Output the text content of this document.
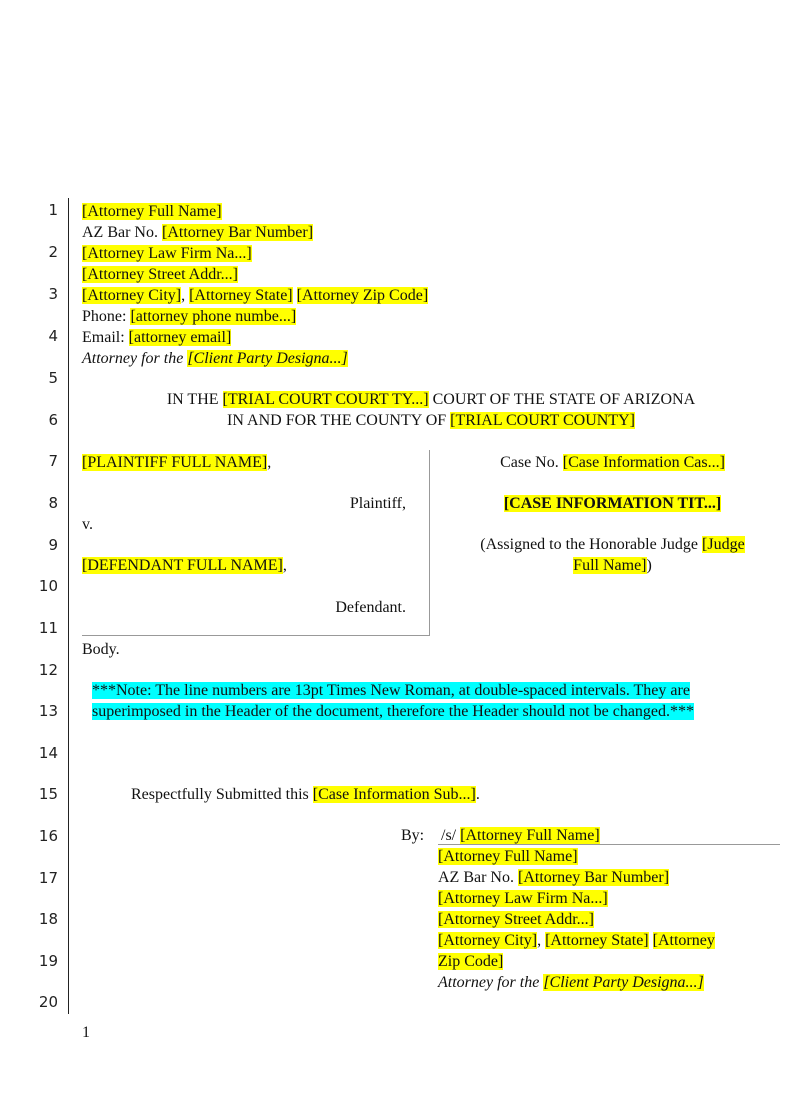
1
2
3
4
5
6
7
8
9
10
11
12
13
14
15
16
17
18
19
20
[Attorney Full Name]
AZ Bar No. [Attorney Bar Number]
[Attorney Law Firm Na...]
[Attorney Street Addr...]
[Attorney City], [Attorney State] [Attorney Zip Code]
Phone: [attorney phone numbe...]
Email: [attorney email]
Attorney for the [Client Party Designa...]
IN THE [TRIAL COURT COURT TY...] COURT OF THE STATE OF ARIZONA
IN AND FOR THE COUNTY OF [TRIAL COURT COUNTY]
[PLAINTIFF FULL NAME],
Plaintiff,
v.
[DEFENDANT FULL NAME],
Defendant.
Case No. [Case Information Cas...]
[CASE INFORMATION TIT...]
(Assigned to the Honorable Judge [Judge
Full Name])
Body.
***Note: The line numbers are 13pt Times New Roman, at double-spaced intervals. They are
superimposed in the Header of the document, therefore the Header should not be changed.***
Respectfully Submitted this [Case Information Sub...].
By: /s/ [Attorney Full Name]
[Attorney Full Name]
AZ Bar No. [Attorney Bar Number]
[Attorney Law Firm Na...]
[Attorney Street Addr...]
[Attorney City], [Attorney State] [Attorney
Zip Code]
Attorney for the [Client Party Designa...]
1
